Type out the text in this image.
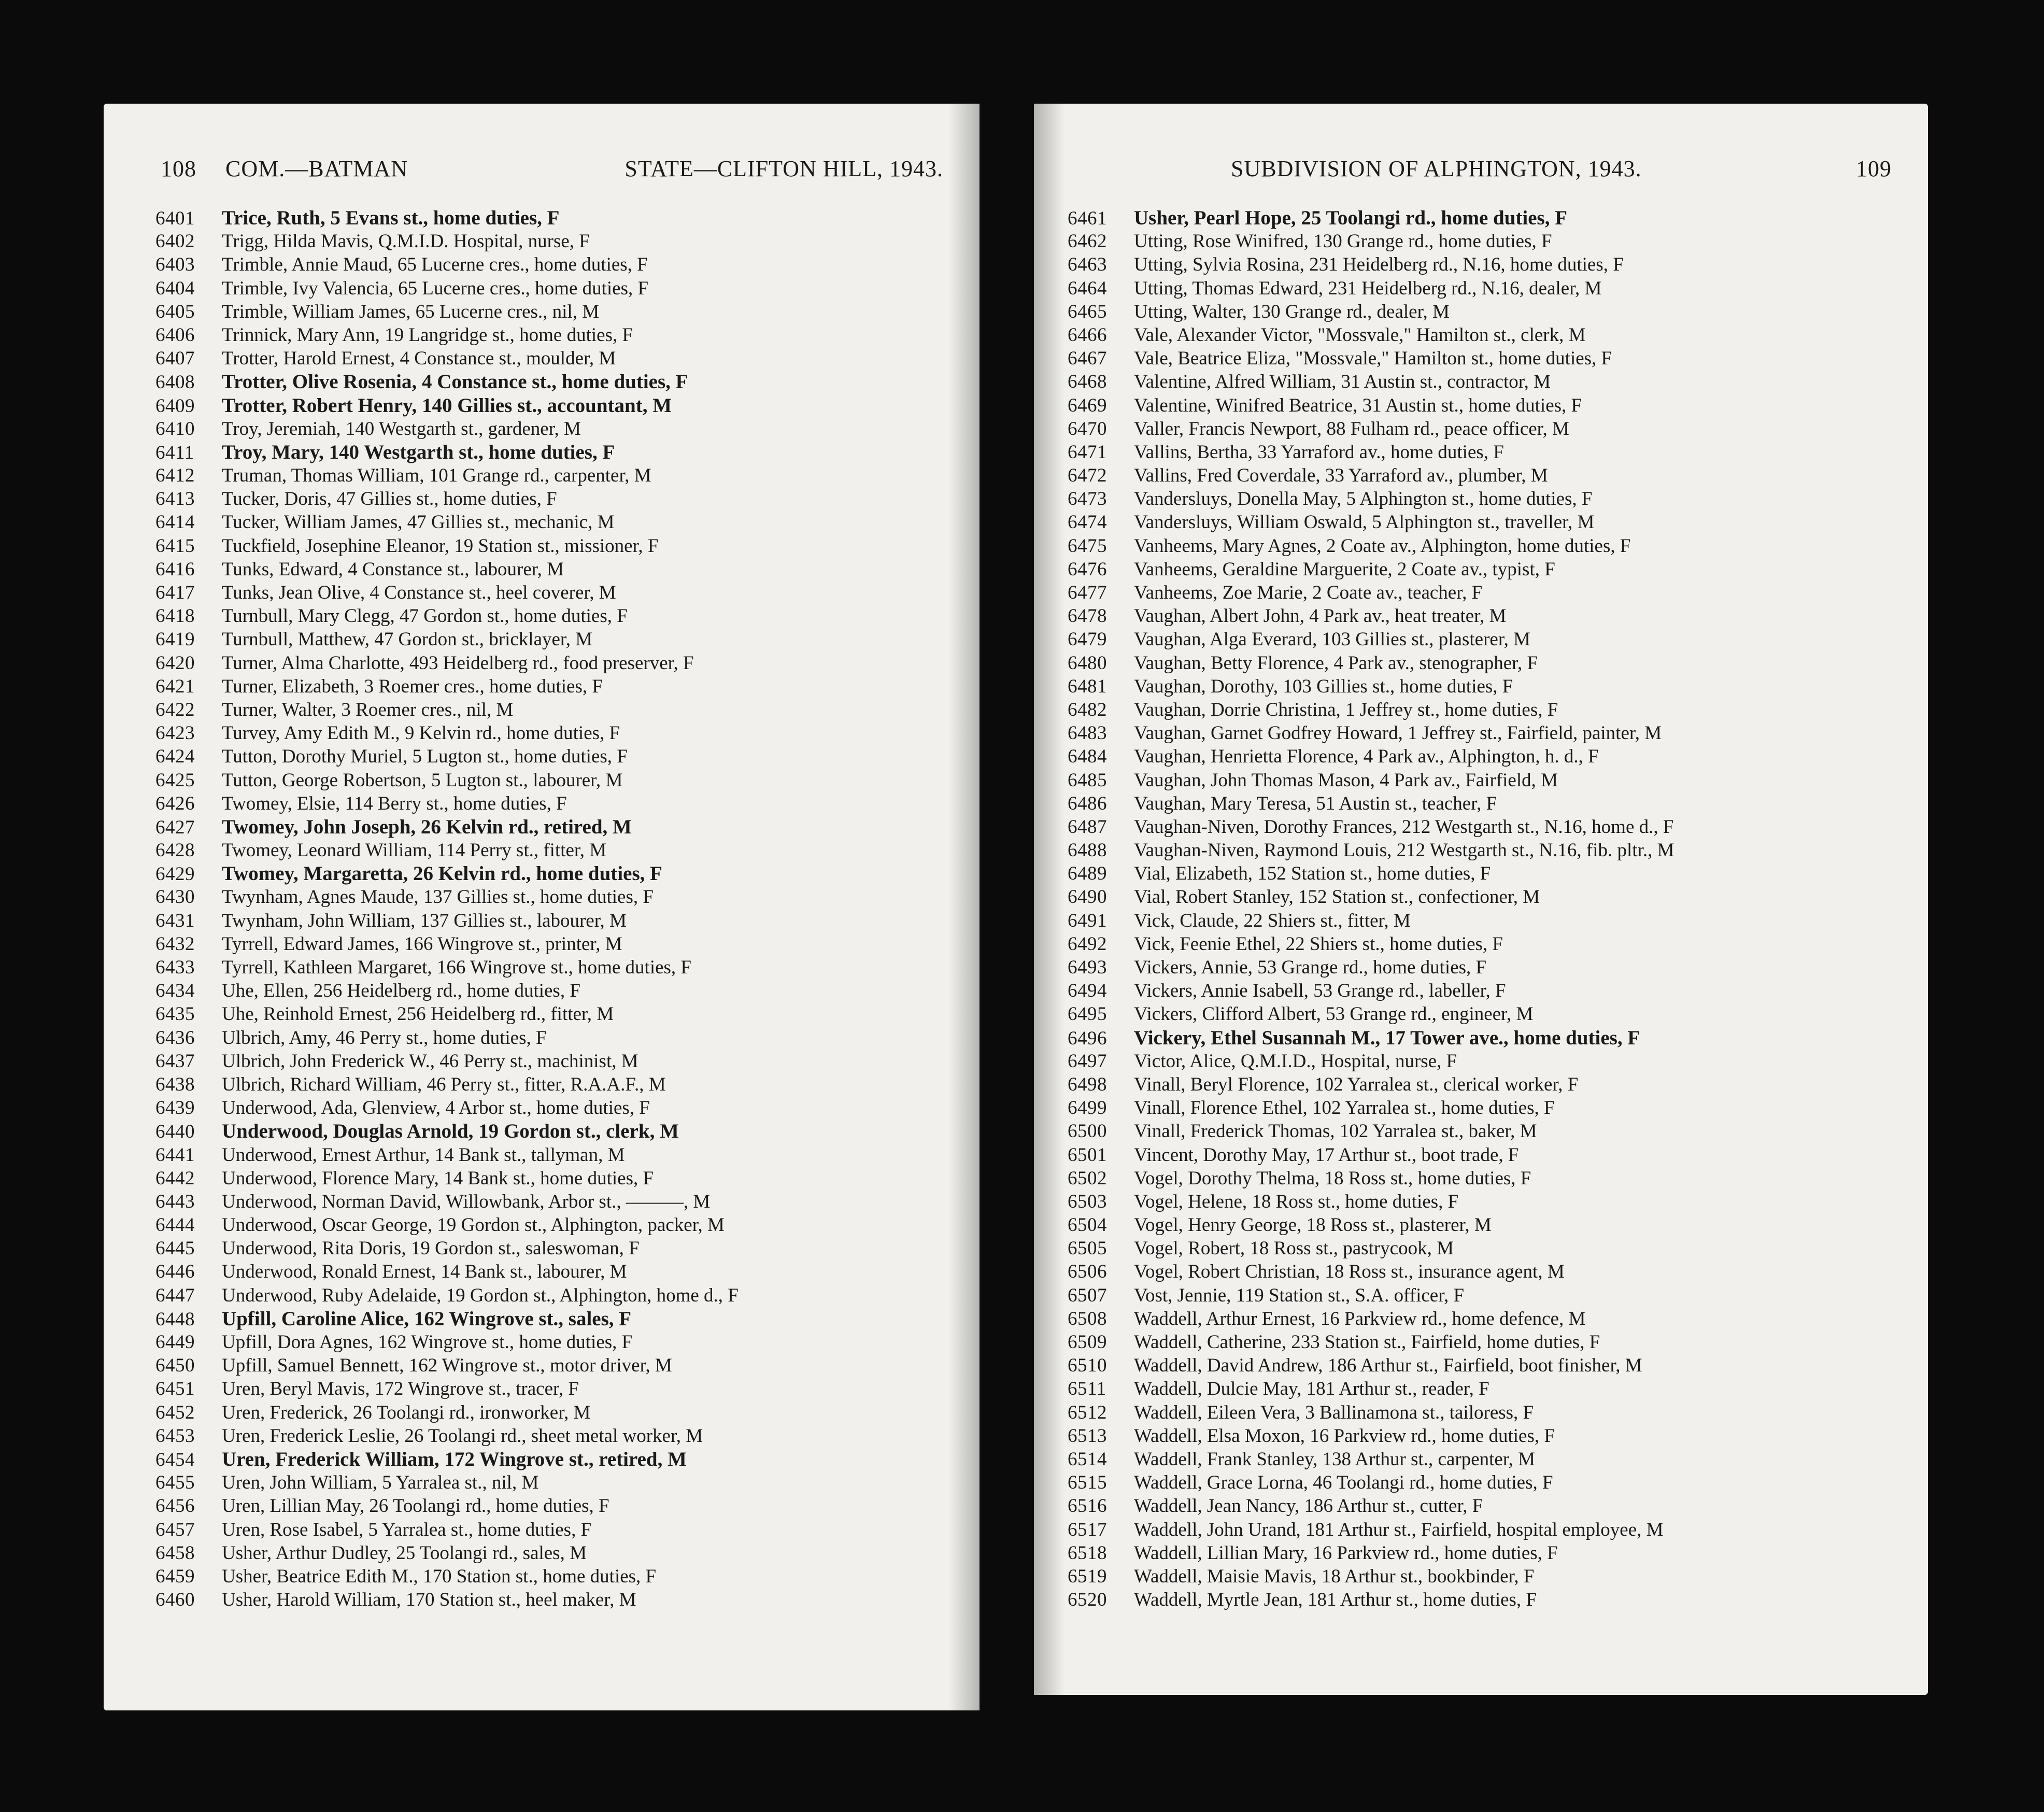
108 COM.—BATMAN	STATE—CLIFTON HILL, 1943.
6401	Trice, Ruth, 5 Evans st., home duties, F
6402	Trigg, Hilda Mavis, Q.M.I.D. Hospital, nurse, F
6403	Trimble, Annie Maud, 65 Lucerne cres., home duties, F
6404	Trimble, Ivy Valencia, 65 Lucerne cres., home duties, F
6405	Trimble, William James, 65 Lucerne cres., nil, M
6406	Trinnick, Mary Ann, 19 Langridge st., home duties, F
6407	Trotter, Harold Ernest, 4 Constance st., moulder, M
6408	Trotter, Olive Rosenia, 4 Constance st., home duties, F
6409	Trotter, Robert Henry, 140 Gillies st., accountant, M
6410	Troy, Jeremiah, 140 Westgarth st., gardener, M
6411	Troy, Mary, 140 Westgarth st., home duties, F
6412	Truman, Thomas William, 101 Grange rd., carpenter, M
6413	Tucker, Doris, 47 Gillies st., home duties, F
6414	Tucker, William James, 47 Gillies st., mechanic, M
6415	Tuckfield, Josephine Eleanor, 19 Station st., missioner, F
6416	Tunks, Edward, 4 Constance st., labourer, M
6417	Tunks, Jean Olive, 4 Constance st., heel coverer, M
6418	Turnbull, Mary Clegg, 47 Gordon st., home duties, F
6419	Turnbull, Matthew, 47 Gordon st., bricklayer, M
6420	Turner, Alma Charlotte, 493 Heidelberg rd., food preserver, F
6421	Turner, Elizabeth, 3 Roemer cres., home duties, F
6422	Turner, Walter, 3 Roemer cres., nil, M
6423	Turvey, Amy Edith M., 9 Kelvin rd., home duties, F
6424	Tutton, Dorothy Muriel, 5 Lugton st., home duties, F
6425	Tutton, George Robertson, 5 Lugton st., labourer, M
6426	Twomey, Elsie, 114 Berry st., home duties, F
6427	Twomey, John Joseph, 26 Kelvin rd., retired, M
6428	Twomey, Leonard William, 114 Perry st., fitter, M
6429	Twomey, Margaretta, 26 Kelvin rd., home duties, F
6430	Twynham, Agnes Maude, 137 Gillies st., home duties, F
6431	Twynham, John William, 137 Gillies st., labourer, M
6432	Tyrrell, Edward James, 166 Wingrove st., printer, M
6433	Tyrrell, Kathleen Margaret, 166 Wingrove st., home duties, F
6434	Uhe, Ellen, 256 Heidelberg rd., home duties, F
6435	Uhe, Reinhold Ernest, 256 Heidelberg rd., fitter, M
6436	Ulbrich, Amy, 46 Perry st., home duties, F
6437	Ulbrich, John Frederick W., 46 Perry st., machinist, M
6438	Ulbrich, Richard William, 46 Perry st., fitter, R.A.A.F., M
6439	Underwood, Ada, Glenview, 4 Arbor st., home duties, F
6440	Underwood, Douglas Arnold, 19 Gordon st., clerk, M
6441	Underwood, Ernest Arthur, 14 Bank st., tallyman, M
6442	Underwood, Florence Mary, 14 Bank st., home duties, F
6443	Underwood, Norman David, Willowbank, Arbor st., ———, M
6444	Underwood, Oscar George, 19 Gordon st., Alphington, packer, M
6445	Underwood, Rita Doris, 19 Gordon st., saleswoman, F
6446	Underwood, Ronald Ernest, 14 Bank st., labourer, M
6447	Underwood, Ruby Adelaide, 19 Gordon st., Alphington, home d., F
6448	Upfill, Caroline Alice, 162 Wingrove st., sales, F
6449	Upfill, Dora Agnes, 162 Wingrove st., home duties, F
6450	Upfill, Samuel Bennett, 162 Wingrove st., motor driver, M
6451	Uren, Beryl Mavis, 172 Wingrove st., tracer, F
6452	Uren, Frederick, 26 Toolangi rd., ironworker, M
6453	Uren, Frederick Leslie, 26 Toolangi rd., sheet metal worker, M
6454	Uren, Frederick William, 172 Wingrove st., retired, M
6455	Uren, John William, 5 Yarralea st., nil, M
6456	Uren, Lillian May, 26 Toolangi rd., home duties, F
6457	Uren, Rose Isabel, 5 Yarralea st., home duties, F
6458	Usher, Arthur Dudley, 25 Toolangi rd., sales, M
6459	Usher, Beatrice Edith M., 170 Station st., home duties, F
6460	Usher, Harold William, 170 Station st., heel maker, M
SUBDIVISION OF ALPHINGTON, 1943.	109
6461	Usher, Pearl Hope, 25 Toolangi rd., home duties, F
6462	Utting, Rose Winifred, 130 Grange rd., home duties, F
6463	Utting, Sylvia Rosina, 231 Heidelberg rd., N.16, home duties, F
6464	Utting, Thomas Edward, 231 Heidelberg rd., N.16, dealer, M
6465	Utting, Walter, 130 Grange rd., dealer, M
6466	Vale, Alexander Victor, "Mossvale," Hamilton st., clerk, M
6467	Vale, Beatrice Eliza, "Mossvale," Hamilton st., home duties, F
6468	Valentine, Alfred William, 31 Austin st., contractor, M
6469	Valentine, Winifred Beatrice, 31 Austin st., home duties, F
6470	Valler, Francis Newport, 88 Fulham rd., peace officer, M
6471	Vallins, Bertha, 33 Yarraford av., home duties, F
6472	Vallins, Fred Coverdale, 33 Yarraford av., plumber, M
6473	Vandersluys, Donella May, 5 Alphington st., home duties, F
6474	Vandersluys, William Oswald, 5 Alphington st., traveller, M
6475	Vanheems, Mary Agnes, 2 Coate av., Alphington, home duties, F
6476	Vanheems, Geraldine Marguerite, 2 Coate av., typist, F
6477	Vanheems, Zoe Marie, 2 Coate av., teacher, F
6478	Vaughan, Albert John, 4 Park av., heat treater, M
6479	Vaughan, Alga Everard, 103 Gillies st., plasterer, M
6480	Vaughan, Betty Florence, 4 Park av., stenographer, F
6481	Vaughan, Dorothy, 103 Gillies st., home duties, F
6482	Vaughan, Dorrie Christina, 1 Jeffrey st., home duties, F
6483	Vaughan, Garnet Godfrey Howard, 1 Jeffrey st., Fairfield, painter, M
6484	Vaughan, Henrietta Florence, 4 Park av., Alphington, h. d., F
6485	Vaughan, John Thomas Mason, 4 Park av., Fairfield, M
6486	Vaughan, Mary Teresa, 51 Austin st., teacher, F
6487	Vaughan-Niven, Dorothy Frances, 212 Westgarth st., N.16, home d., F
6488	Vaughan-Niven, Raymond Louis, 212 Westgarth st., N.16, fib. pltr., M
6489	Vial, Elizabeth, 152 Station st., home duties, F
6490	Vial, Robert Stanley, 152 Station st., confectioner, M
6491	Vick, Claude, 22 Shiers st., fitter, M
6492	Vick, Feenie Ethel, 22 Shiers st., home duties, F
6493	Vickers, Annie, 53 Grange rd., home duties, F
6494	Vickers, Annie Isabell, 53 Grange rd., labeller, F
6495	Vickers, Clifford Albert, 53 Grange rd., engineer, M
6496	Vickery, Ethel Susannah M., 17 Tower ave., home duties, F
6497	Victor, Alice, Q.M.I.D., Hospital, nurse, F
6498	Vinall, Beryl Florence, 102 Yarralea st., clerical worker, F
6499	Vinall, Florence Ethel, 102 Yarralea st., home duties, F
6500	Vinall, Frederick Thomas, 102 Yarralea st., baker, M
6501	Vincent, Dorothy May, 17 Arthur st., boot trade, F
6502	Vogel, Dorothy Thelma, 18 Ross st., home duties, F
6503	Vogel, Helene, 18 Ross st., home duties, F
6504	Vogel, Henry George, 18 Ross st., plasterer, M
6505	Vogel, Robert, 18 Ross st., pastrycook, M
6506	Vogel, Robert Christian, 18 Ross st., insurance agent, M
6507	Vost, Jennie, 119 Station st., S.A. officer, F
6508	Waddell, Arthur Ernest, 16 Parkview rd., home defence, M
6509	Waddell, Catherine, 233 Station st., Fairfield, home duties, F
6510	Waddell, David Andrew, 186 Arthur st., Fairfield, boot finisher, M
6511	Waddell, Dulcie May, 181 Arthur st., reader, F
6512	Waddell, Eileen Vera, 3 Ballinamona st., tailoress, F
6513	Waddell, Elsa Moxon, 16 Parkview rd., home duties, F
6514	Waddell, Frank Stanley, 138 Arthur st., carpenter, M
6515	Waddell, Grace Lorna, 46 Toolangi rd., home duties, F
6516	Waddell, Jean Nancy, 186 Arthur st., cutter, F
6517	Waddell, John Urand, 181 Arthur st., Fairfield, hospital employee, M
6518	Waddell, Lillian Mary, 16 Parkview rd., home duties, F
6519	Waddell, Maisie Mavis, 18 Arthur st., bookbinder, F
6520	Waddell, Myrtle Jean, 181 Arthur st., home duties, F
